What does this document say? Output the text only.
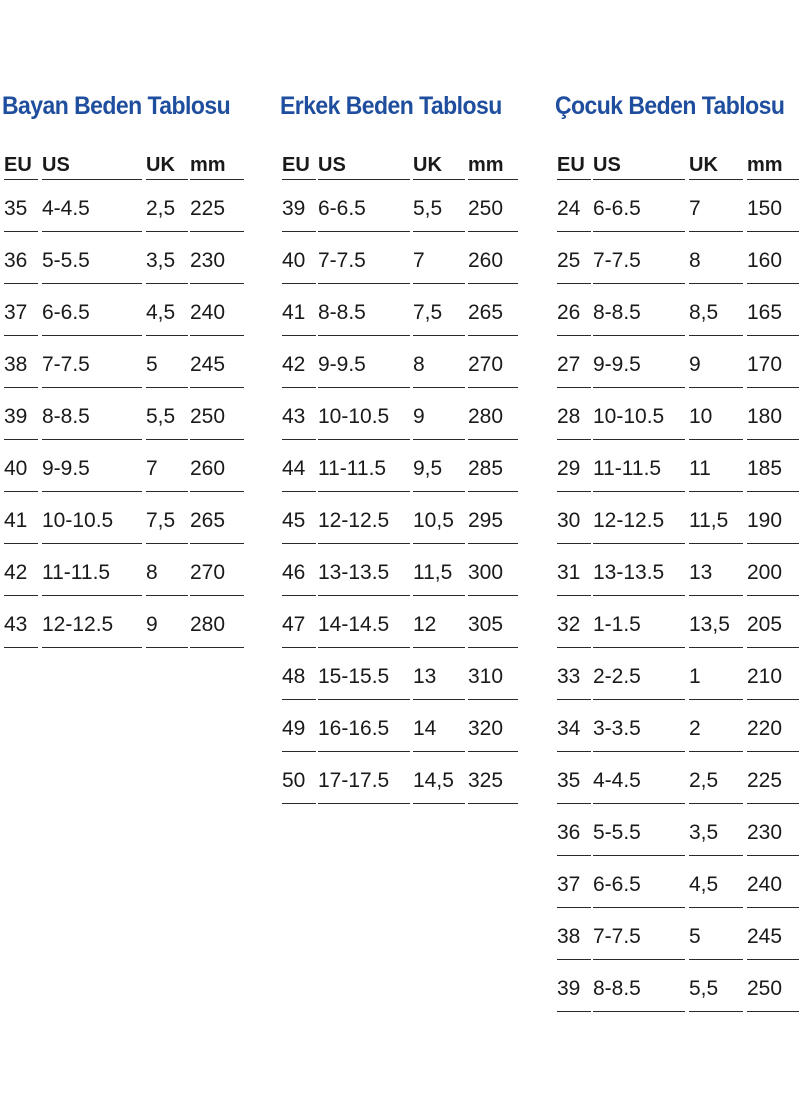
Bayan Beden Tablosu
EU US	UK mm
35 4-4.5	2,5 225
36 5-5.5	3,5 230
37 6-6.5	4,5 240
38 7-7.5	5	245
39 8-8.5	5,5 250
40 9-9.5	7	260
41 10-10.5	7,5 265
42 11-11.5	8	270
43 12-12.5	9	280
Erkek Beden Tablosu
EU US	UK	mm
39 6-6.5	5,5	250
40 7-7.5	7	260
41 8-8.5	7,5	265
42 9-9.5	8	270
43 10-10.5	9	280
44 11-11.5	9,5	285
45 12-12.5	10,5 295
46 13-13.5	11,5 300
47 14-14.5	12	305
48 15-15.5	13	310
49 16-16.5	14	320
50 17-17.5	14,5 325
Çocuk Beden Tablosu
EU US	UK	mm
24 6-6.5	7	150
25 7-7.5	8	160
26 8-8.5	8,5	165
27 9-9.5	9	170
28 10-10.5	10	180
29 11-11.5	11	185
30 12-12.5	11,5 190
31 13-13.5	13	200
32 1-1.5	13,5 205
33 2-2.5	1	210
34 3-3.5	2	220
35 4-4.5	2,5	225
36 5-5.5	3,5	230
37 6-6.5	4,5	240
38 7-7.5	5	245
39 8-8.5	5,5	250
